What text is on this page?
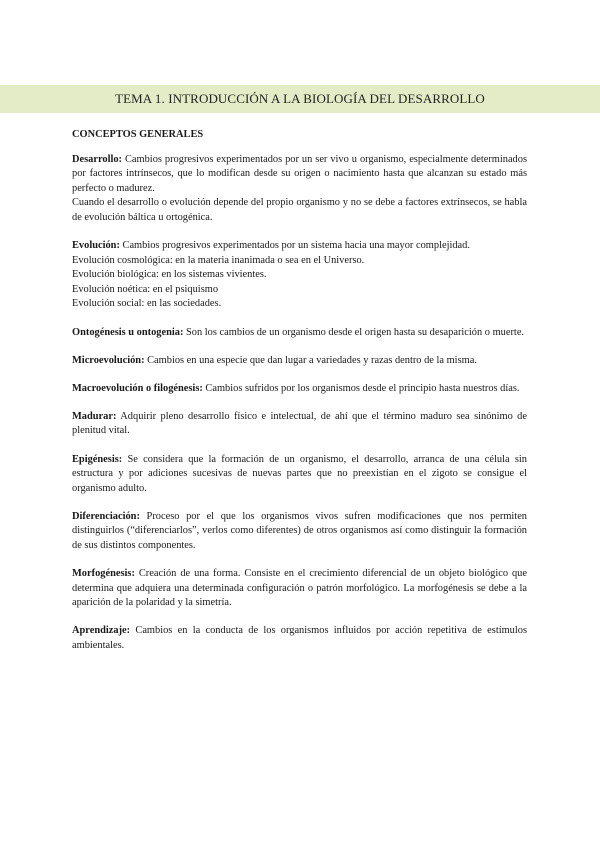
TEMA 1. INTRODUCCIÓN A LA BIOLOGÍA DEL DESARROLLO

CONCEPTOS GENERALES

Desarrollo: Cambios progresivos experimentados por un ser vivo u organismo, especialmente determinados por factores intrínsecos, que lo modifican desde su origen o nacimiento hasta que alcanzan su estado más perfecto o madurez.

Cuando el desarrollo o evolución depende del propio organismo y no se debe a factores extrínsecos, se habla de evolución báltica u ortogénica.

Evolución: Cambios progresivos experimentados por un sistema hacia una mayor complejidad.

Evolución cosmológica: en la materia inanimada o sea en el Universo.

Evolución biológica: en los sistemas vivientes.

Evolución noética: en el psiquismo

Evolución social: en las sociedades.

Ontogénesis u ontogenia: Son los cambios de un organismo desde el origen hasta su desaparición o muerte.

Microevolución: Cambios en una especie que dan lugar a variedades y razas dentro de la misma.

Macroevolución o filogénesis: Cambios sufridos por los organismos desde el principio hasta nuestros días.

Madurar: Adquirir pleno desarrollo físico e intelectual, de ahí que el término maduro sea sinónimo de plenitud vital.

Epigénesis: Se considera que la formación de un organismo, el desarrollo, arranca de una célula sin estructura y por adiciones sucesivas de nuevas partes que no preexistían en el zigoto se consigue el organismo adulto.

Diferenciación: Proceso por el que los organismos vivos sufren modificaciones que nos permiten distinguirlos (“diferenciarlos”, verlos como diferentes) de otros organismos así como distinguir la formación de sus distintos componentes.

Morfogénesis: Creación de una forma. Consiste en el crecimiento diferencial de un objeto biológico que determina que adquiera una determinada configuración o patrón morfológico. La morfogénesis se debe a la aparición de la polaridad y la simetría.

Aprendizaje: Cambios en la conducta de los organismos influidos por acción repetitiva de estímulos ambientales.
